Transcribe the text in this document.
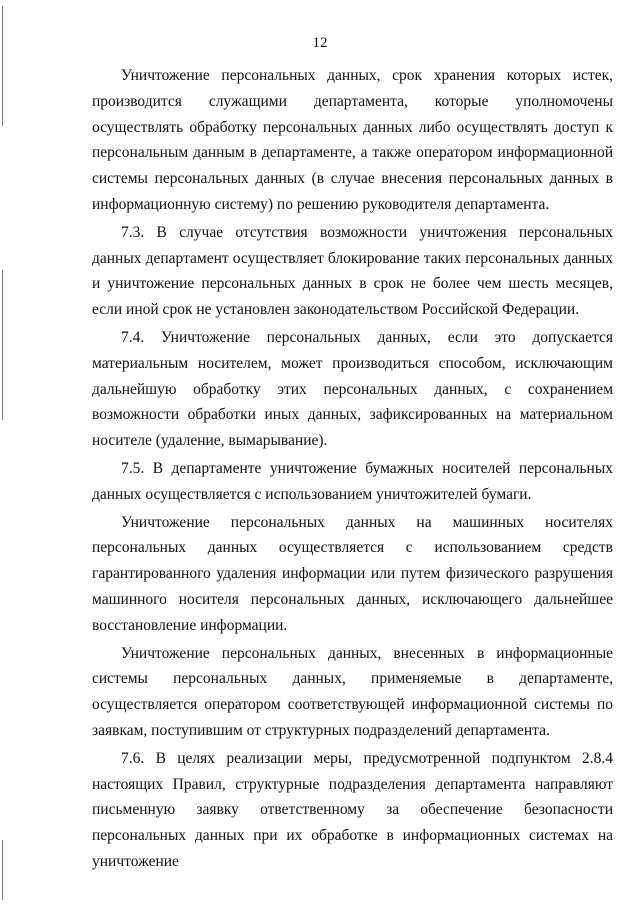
12

Уничтожение персональных данных, срок хранения которых истек, производится служащими департамента, которые уполномочены осуществлять обработку персональных данных либо осуществлять доступ к персональным данным в департаменте, а также оператором информационной системы персональных данных (в случае внесения персональных данных в информационную систему) по решению руководителя департамента.

7.3. В случае отсутствия возможности уничтожения персональных данных департамент осуществляет блокирование таких персональных данных и уничтожение персональных данных в срок не более чем шесть месяцев, если иной срок не установлен законодательством Российской Федерации.

7.4. Уничтожение персональных данных, если это допускается материальным носителем, может производиться способом, исключающим дальнейшую обработку этих персональных данных, с сохранением возможности обработки иных данных, зафиксированных на материальном носителе (удаление, вымарывание).

7.5. В департаменте уничтожение бумажных носителей персональных данных осуществляется с использованием уничтожителей бумаги.

Уничтожение персональных данных на машинных носителях персональных данных осуществляется с использованием средств гарантированного удаления информации или путем физического разрушения машинного носителя персональных данных, исключающего дальнейшее восстановление информации.

Уничтожение персональных данных, внесенных в информационные системы персональных данных, применяемые в департаменте, осуществляется оператором соответствующей информационной системы по заявкам, поступившим от структурных подразделений департамента.

7.6. В целях реализации меры, предусмотренной подпунктом 2.8.4 настоящих Правил, структурные подразделения департамента направляют письменную заявку ответственному за обеспечение безопасности персональных данных при их обработке в информационных системах на уничтожение
